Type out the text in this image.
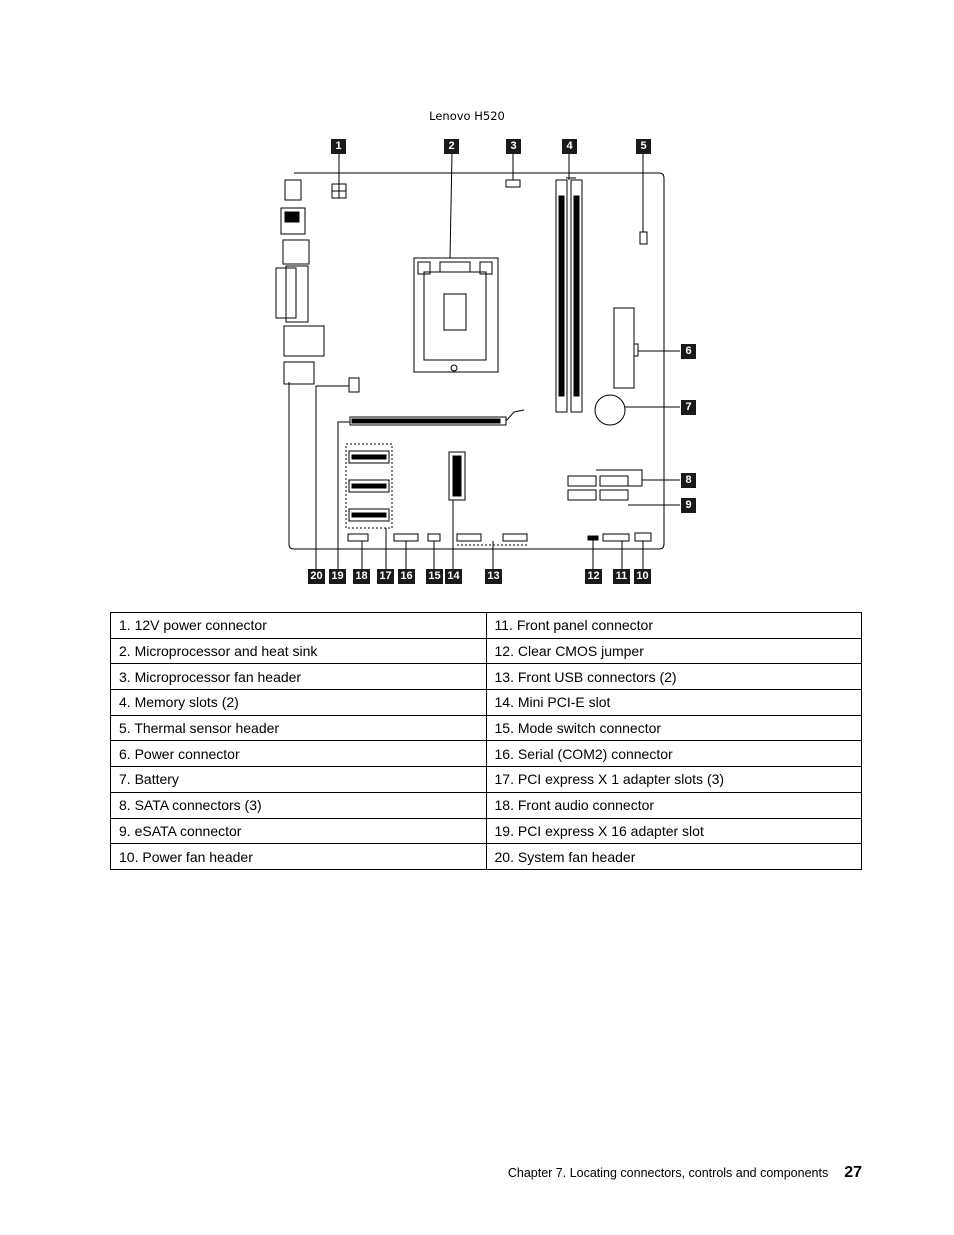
Lenovo H520
1	2	3	4	5
6
7
8
9
10
11
12
13
14
15
16
17
18
19
20
1. 12V power connector	11. Front panel connector
2. Microprocessor and heat sink	12. Clear CMOS jumper
3. Microprocessor fan header	13. Front USB connectors (2)
4. Memory slots (2)	14. Mini PCI-E slot
5. Thermal sensor header	15. Mode switch connector
6. Power connector	16. Serial (COM2) connector
7. Battery	17. PCI express X 1 adapter slots (3)
8. SATA connectors (3)	18. Front audio connector
9. eSATA connector	19. PCI express X 16 adapter slot
10. Power fan header	20. System fan header
Chapter 7. Locating connectors, controls and components 27
